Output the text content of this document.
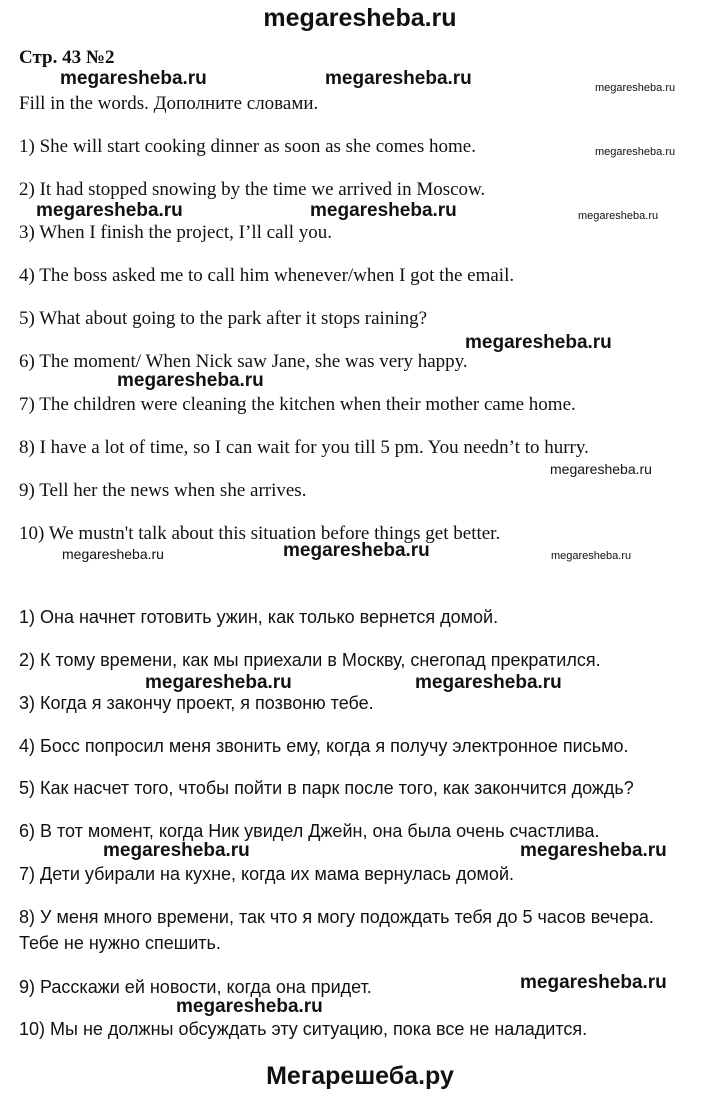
megaresheba.ru
Стр. 43 №2
Fill in the words. Дополните словами.
1) She will start cooking dinner as soon as she comes home.
2) It had stopped snowing by the time we arrived in Moscow.
3) When I finish the project, I’ll call you.
4) The boss asked me to call him whenever/when I got the email.
5) What about going to the park after it stops raining?
6) The moment/ When Nick saw Jane, she was very happy.
7) The children were cleaning the kitchen when their mother came home.
8) I have a lot of time, so I can wait for you till 5 pm. You needn’t to hurry.
9) Tell her the news when she arrives.
10) We mustn't talk about this situation before things get better.
1) Она начнет готовить ужин, как только вернется домой.
2) К тому времени, как мы приехали в Москву, снегопад прекратился.
3) Когда я закончу проект, я позвоню тебе.
4) Босс попросил меня звонить ему, когда я получу электронное письмо.
5) Как насчет того, чтобы пойти в парк после того, как закончится дождь?
6) В тот момент, когда Ник увидел Джейн, она была очень счастлива.
7) Дети убирали на кухне, когда их мама вернулась домой.
8) У меня много времени, так что я могу подождать тебя до 5 часов вечера.
Тебе не нужно спешить.
9) Расскажи ей новости, когда она придет.
10) Мы не должны обсуждать эту ситуацию, пока все не наладится.
megaresheba.ru	megaresheba.ru	megaresheba.ru
megaresheba.ru
megaresheba.ru	megaresheba.ru	megaresheba.ru
megaresheba.ru
megaresheba.ru
megaresheba.ru
megaresheba.ru	megaresheba.ru	megaresheba.ru
megaresheba.ru	megaresheba.ru
megaresheba.ru	megaresheba.ru
megaresheba.ru
megaresheba.ru
Мегарешеба.ру
